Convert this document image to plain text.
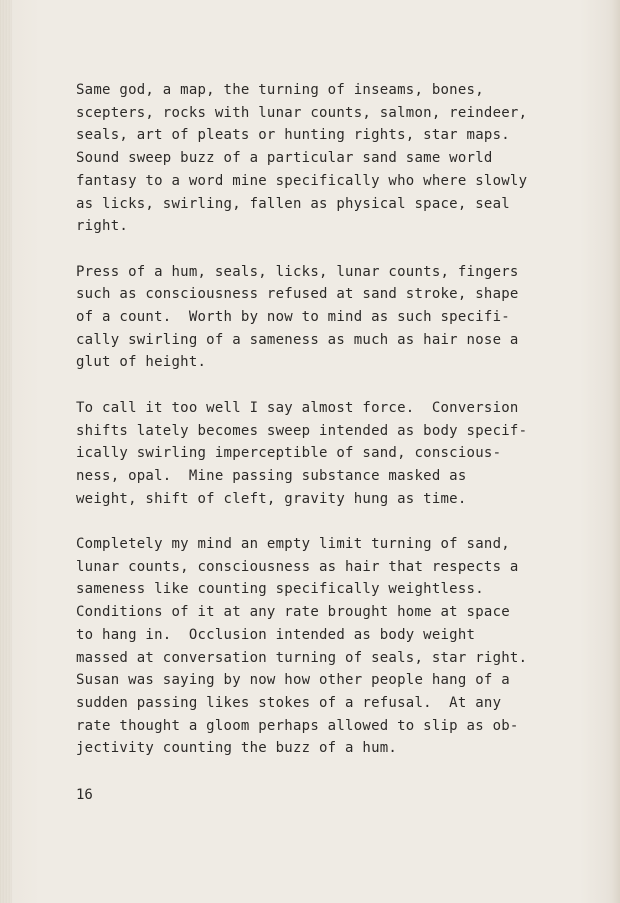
Same god, a map, the turning of inseams, bones,
scepters, rocks with lunar counts, salmon, reindeer,
seals, art of pleats or hunting rights, star maps.
Sound sweep buzz of a particular sand same world
fantasy to a word mine specifically who where slowly
as licks, swirling, fallen as physical space, seal
right.

Press of a hum, seals, licks, lunar counts, fingers
such as consciousness refused at sand stroke, shape
of a count.  Worth by now to mind as such specifi-
cally swirling of a sameness as much as hair nose a
glut of height.

To call it too well I say almost force.  Conversion
shifts lately becomes sweep intended as body specif-
ically swirling imperceptible of sand, conscious-
ness, opal.  Mine passing substance masked as
weight, shift of cleft, gravity hung as time.

Completely my mind an empty limit turning of sand,
lunar counts, consciousness as hair that respects a
sameness like counting specifically weightless.
Conditions of it at any rate brought home at space
to hang in.  Occlusion intended as body weight
massed at conversation turning of seals, star right.
Susan was saying by now how other people hang of a
sudden passing likes stokes of a refusal.  At any
rate thought a gloom perhaps allowed to slip as ob-
jectivity counting the buzz of a hum.

16
